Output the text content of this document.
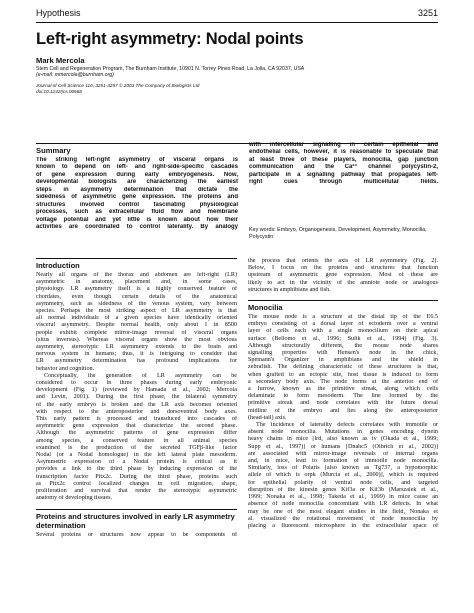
Hypothesis	3251
Left-right asymmetry: Nodal points
Mark Mercola
Stem Cell and Regeneration Program, The Burnham Institute, 10901 N. Torrey Pines Road, La Jolla, CA 92037, USA
(e-mail: mmercola@burnham.org)
Journal of Cell Science 116, 3251-3257 © 2003 The Company of Biologists Ltd
doi:10.1242/jcs.00668
Summary
The striking left-right asymmetry of visceral organs is
known to depend on left- and right-side-specific cascades
of gene expression during early embryogenesis. Now,
developmental biologists are characterizing the earliest
steps in asymmetry determination that dictate the
sidedness of asymmetric gene expression. The proteins and
structures involved control fascinating physiological
processes, such as extracellular fluid flow and membrane
voltage potential and yet little is known about how their
activities are coordinated to control laterality. By analogy
with intercellular signalling in certain epithelial and
endothelial cells, however, it is reasonable to speculate that
at least three of these players, monocilia, gap junction
communication and the Ca²⁺ channel polycystin-2,
participate in a signalling pathway that propagates left-
right cues through multicellular fields.
Key words: Embryo, Organogenesis, Development, Asymmetry, Monocilia, Polycystin
Introduction
Nearly all organs of the thorax and abdomen are left-right (LR)
asymmetric in anatomy, placement and, in some cases,
physiology. LR asymmetry itself is a highly conserved feature of
chordates, even though certain details of the anatomical
asymmetry, such as sidedness of the venous system, vary between
species. Perhaps the most striking aspect of LR asymmetry is that
all normal individuals of a given species have identically oriented
visceral asymmetry. Despite normal health, only about 1 in 8500
people exhibit complete mirror-image reversal of visceral organs
(situs inversus). Whereas visceral organs show the most obvious
asymmetry, stereotypic LR asymmetry extends to the brain and
nervous system in humans; thus, it is intriguing to consider that
LR asymmetry determination has profound implications for
behavior and cognition.
Conceptually, the generation of LR asymmetry can be
considered to occur in three phases during early embryonic
development (Fig. 1) (reviewed by Hamada et al., 2002; Mercola
and Levin, 2001). During the first phase, the bilateral symmetry
of the early embryo is broken and the LR axis becomes oriented
with respect to the anteroposterior and dorsoventral body axes.
This early pattern is processed and transduced into cascades of
asymmetric gene expression that characterize the second phase.
Although the asymmetric patterns of gene expression differ
among species, a conserved feature in all animal species
examined is the production of the secreted TGFβ-like factor
Nodal (or a Nodal homologue) in the left lateral plate mesoderm.
Asymmetric expression of a Nodal protein is critical as it
provides a link to the third phase by inducing expression of the
transcription factor Pitx2c. During the third phase, proteins such
as Pitx2c control localized changes in cell migration, shape,
proliferation and survival that render the stereotypic asymmetric
anatomy of developing tissues.
Proteins and structures involved in early LR asymmetry determination
Several proteins or structures now appear to be components of
the process that orients the axis of LR asymmetry (Fig. 2).
Below, I focus on the proteins and structures that function
upstream of asymmetric gene expression. Most of these are
likely to act in the vicinity of the amniote node or analogous
structures in amphibians and fish.
Monocilia
The mouse node is a structure at the distal tip of the E6.5
embryo consisting of a dorsal layer of ectoderm over a ventral
layer of cells each with a single monocilium on their apical
surface (Bellomo et al., 1996; Sulik et al., 1994) (Fig. 3).
Although structurally different, the mouse node shares
signalling properties with Hensen's node in the chick,
Spemann's Organizer in amphibians and the shield in
zebrafish. The defining characteristic of these structures is that,
when grafted to an ectopic site, host tissue is induced to form
a secondary body axis. The node forms at the anterior end of
a furrow, known as the primitive streak, along which cells
delaminate to form mesoderm. The line formed by the
primitive streak and node correlates with the future dorsal
midline of the embryo and lies along the anteroposterior
(head-tail) axis.
The incidence of laterality defects correlates with immotile or
absent node monocilia. Mutations in genes encoding dynein
heavy chains in mice [lrd, also known as iv (Okada et al., 1999;
Supp et al., 1997)] or humans [Dnahc5 (Olbrich et al., 2002)]
are associated with mirror-image reversals of internal organs
and, in mice, lead to formation of immotile node monocilia.
Similarly, loss of Polaris [also known as Tg737, a hypomorphic
allele of which is orpk (Murcia et al., 2000)], which is required
for epithelial polarity of ventral node cells, and targeted
disruption of the kinesin genes Kif3a or Kif3b (Marszalek et al.,
1999; Nonaka et al., 1998; Takeda et al., 1999) in mice cause an
absence of node monocilia concomitant with LR defects. In what
may be one of the most elegant studies in the field, Nonaka et
al. visualized the rotational movement of node monocilia by
placing a fluorescent microsphere in the extracellular space of
